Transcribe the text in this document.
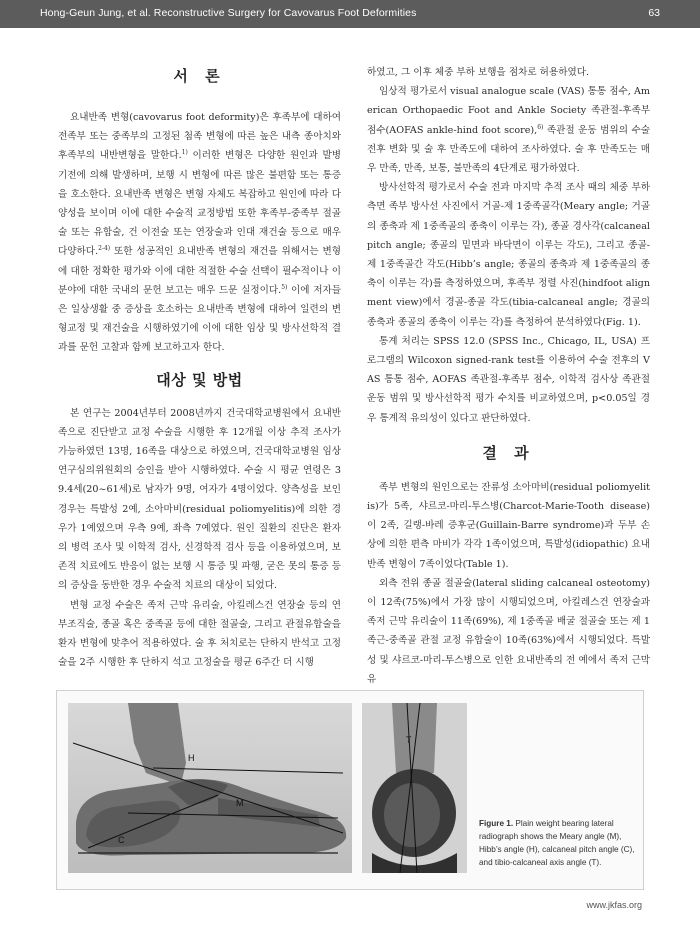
Hong-Geun Jung, et al. Reconstructive Surgery for Cavovarus Foot Deformities	63
서 론

요내반족 변형(cavovarus foot deformity)은 후족부에 대하여 전족부 또는 중족부의 고정된 첨족 변형에 따른 높은 내측 종아치와 후족부의 내반변형을 말한다.$^{1)}$ 이러한 변형은 다양한 원인과 발병 기전에 의해 발생하며, 보행 시 변형에 따른 많은 불편함 또는 통증을 호소한다. 요내반족 변형은 변형 자체도 복잡하고 원인에 따라 다양성을 보이며 이에 대한 수술적 교정방법 또한 후족부-중족부 절골술 또는 유합술, 건 이전술 또는 연장술과 인대 재건술 등으로 매우 다양하다.$^{2-4)}$ 또한 성공적인 요내반족 변형의 재건을 위해서는 변형에 대한 정확한 평가와 이에 대한 적절한 수술 선택이 필수적이나 이 분야에 대한 국내의 문헌 보고는 매우 드문 실정이다.$^{5)}$ 이에 저자들은 일상생활 중 증상을 호소하는 요내반족 변형에 대하여 일련의 변형교정 및 재건술을 시행하였기에 이에 대한 임상 및 방사선학적 결과를 문헌 고찰과 함께 보고하고자 한다.

대상 및 방법

본 연구는 2004년부터 2008년까지 건국대학교병원에서 요내반족으로 진단받고 교정 수술을 시행한 후 12개월 이상 추적 조사가 가능하였던 13명, 16족을 대상으로 하였으며, 건국대학교병원 임상연구심의위원회의 승인을 받아 시행하였다. 수술 시 평균 연령은 39.4세(20~61세)로 남자가 9명, 여자가 4명이었다. 양측성을 보인 경우는 특발성 2예, 소아마비(residual poliomyelitis)에 의한 경우가 1예였으며 우측 9예, 좌측 7예였다. 원인 질환의 진단은 환자의 병력 조사 및 이학적 검사, 신경학적 검사 등을 이용하였으며, 보존적 치료에도 반응이 없는 보행 시 통증 및 파행, 굳은 못의 통증 등의 증상을 동반한 경우 수술적 치료의 대상이 되었다.

변형 교정 수술은 족저 근막 유리술, 아킬레스건 연장술 등의 연부조직술, 종골 혹은 중족골 등에 대한 절골술, 그리고 관절유합술을 환자 변형에 맞추어 적용하였다. 술 후 처치로는 단하지 반석고 고정술을 2주 시행한 후 단하지 석고 고정술을 평균 6주간 더 시행

하였고, 그 이후 체중 부하 보행을 점차로 허용하였다.

임상적 평가로서 visual analogue scale (VAS) 통통 점수, American Orthopaedic Foot and Ankle Society 족관절-후족부 점수(AOFAS ankle-hind foot score),$^{6)}$ 족관절 운동 범위의 수술 전후 변화 및 술 후 만족도에 대하여 조사하였다. 술 후 만족도는 매우 만족, 만족, 보통, 불만족의 4단계로 평가하였다.

방사선학적 평가로서 수술 전과 마지막 추적 조사 때의 체중 부하 측면 족부 방사선 사진에서 거골-제 1중족골각(Meary angle; 거골의 종축과 제 1중족골의 종축이 이루는 각), 종골 경사각(calcaneal pitch angle; 종골의 밑면과 바닥면이 이루는 각도), 그리고 종골-제 1중족골간 각도(Hibb’s angle; 종골의 종축과 제 1중족골의 종축이 이루는 각)를 측정하였으며, 후족부 정렬 사진(hindfoot alignment view)에서 경골-종골 각도(tibia-calcaneal angle; 경골의 종축과 종골의 종축이 이루는 각)를 측정하여 분석하였다(Fig. 1).

통계 처리는 SPSS 12.0 (SPSS Inc., Chicago, IL, USA) 프로그램의 Wilcoxon signed-rank test를 이용하여 수술 전후의 VAS 통통 점수, AOFAS 족관절-후족부 점수, 이학적 검사상 족관절 운동 범위 및 방사선학적 평가 수치를 비교하였으며, p<0.05일 경우 통계적 유의성이 있다고 판단하였다.

결 과

족부 변형의 원인으로는 잔류성 소아마비(residual poliomyelitis)가 5족, 샤르코-마리-투스병(Charcot-Marie-Tooth disease)이 2족, 길랭-바레 증후군(Guillain-Barre syndrome)과 두부 손상에 의한 편측 마비가 각각 1족이었으며, 특발성(idiopathic) 요내반족 변형이 7족이었다(Table 1).

외측 전위 종골 절골술(lateral sliding calcaneal osteotomy)이 12족(75%)에서 가장 많이 시행되었으며, 아킬레스건 연장술과 족저 근막 유리술이 11족(69%), 제 1중족골 배굴 절골술 또는 제 1족근-중족골 관절 교정 유합술이 10족(63%)에서 시행되었다. 특발성 및 샤르코-마리-투스병으로 인한 요내반족의 전 예에서 족저 근막 유

H
M
C
T
Figure 1. Plain weight bearing lateral radiograph shows the Meary angle (M), Hibb’s angle (H), calcaneal pitch angle (C), and tibio-calcaneal axis angle (T).
www.jkfas.org
